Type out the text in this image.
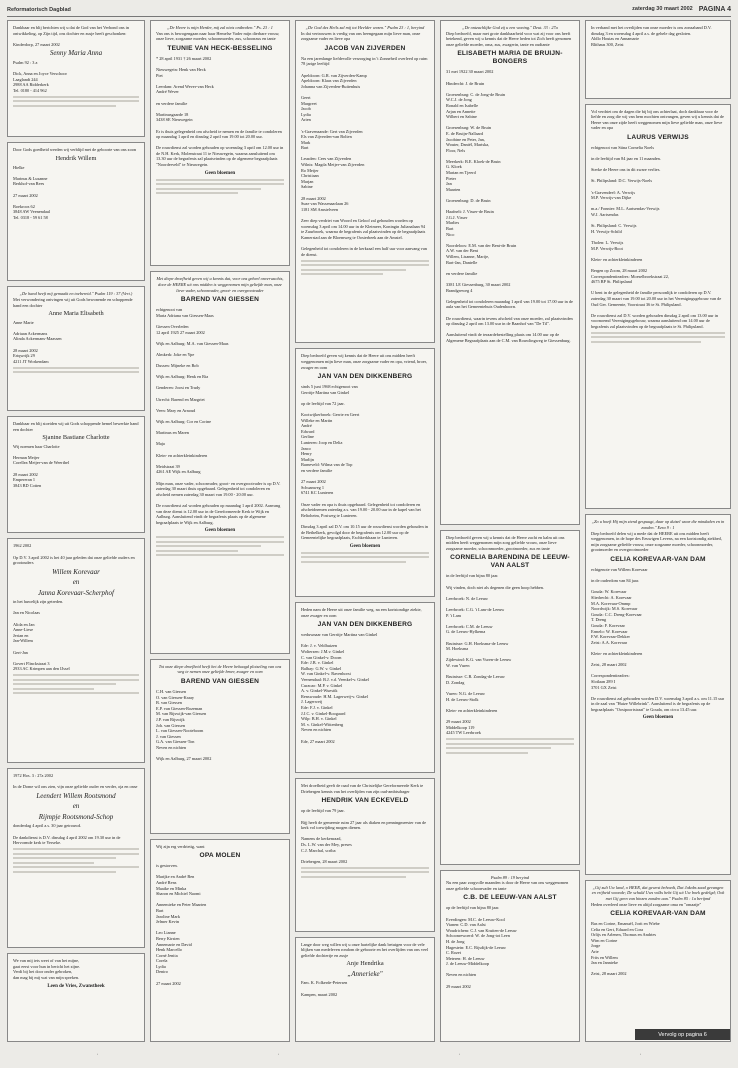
Reformatorisch Dagblad	zaterdag 30 maart 2002 PAGINA 4
Dankbaar en blij berichten wij u dat de God van het Verbond ons in ontwikkeling, op Zijn tijd, ons dochter en zusje heeft geschonken:

Kinderdorp, 27 maart 2002
Senny Maria Anna
Psalm 92 : 3 a

Dick, Anna en Joyce Verschoor
Laaglandt 244
2988 AA Ridderkerk
Tel. 0180 - 414 962
Door Gods goedheid werden wij verblijd met de geboorte van ons zoon
Hendrik Willem
Hielke

Marinus & Lusanne
Berkhof-van Rees

27 maart 2002

Boekroos 62
3848 AW Veenendaal
Tel. 0318 - 59 61 58
„De hand heeft mij gemaakt en toebereid." Psalm 119 : 37 (Vert.)
Met verwondering ontvingen wij uit Gods bewonende en schoppende hand een dochter
Anne Maria Elisabeth
Anne Marie

Adriaan Ackermans
Alinda Ackermans-Maassen

28 maart 2002
Ertqwrijk 29
4211 JT Workendam
Dankbaar en blij stoeiden wij uit Gods schoppende hemel bewerkte hand een dochter
Sjanine Bastiane Charlotte
Wij noemen haar Charlotte

Herman Meijer
Corellea Meijer-van de Weerthel

28 maart 2002
Empereran 1
3843 BD Cotten
1962 2002

Op D.V. 3 april 2002 is het 40 jaar geleden dat onze geliefde ouders en grootouders
Willem Korevaar
en
Janna Korevaar-Scherphof
in het huwelijk zijn getreden.

Jan en Nicolaas

Alida en Jan
Anne-Liese
Jerian en
Jan-Willem

Gert-Jan

Govert Flinckstraat 3
2933 AC Krimpen aan den IJssel
1972 Hos. 3 : 27a 2002

In de Dome wil ons zien, vijn onze geliefde ouder en verder, oja en onse
Leendert Willem Rootsmond
en
Rijmpje Rootsmond-Schop
donderdag 4 april a.s. 30 jaar getrouwd.

De dankdienst is D.V. dinsdag 4 april 2002 om 19.30 uur in de Hervormde kerk te Yerseke.
We van mij iets weet of van het mijne,
gaat eerst voor hun in bericht het zijne.
Verdi bij het door onder gebroken,
dan mag bij mij wat van mijn spreken.
Leen de Vries, Zwanstheek
„De Heere is mijn Herder, mij zal niets ontbreken." Ps. 23 : 1
Van ons is bewogengaan naar haar Hemelse Vader mijn dierbare vrouw, onze lieve, zorgzame moeder, schoonmoeder, zus, schoonzus en tante
TEUNIE VAN HECK-BESSELING
* 28 april 1931 † 26 maart 2002

Nieuwegein: Henk van Heck
Piet

Leerdam: Arend Wever-van Heck
André Wever

en verdere familie

Martinusgaarde 18
3438 SE Nieuwegein

Er is thuis gelegenheid om afscheid te nemen en de familie te condoleren op maandag 1 april en dinsdag 2 april van 19.00 tot 20.00 uur.

De rouwdienst zal worden gehouden op woensdag 3 april om 12.00 uur in de N.H. Kerk, Molenstraat 11 te Nieuwegein, waarna aansluitend om 13.30 uur de begrafenis zal plaatsvinden op de algemene begraafplaats "Noorderveld" te Nieuwegein.
Geen bloemen
Met diepe droefheid geven wij u kennis dat, voor ons geheel onverwachts, door de HEERE uit ons midden is weggenomen mijn geliefde man, onze lieve vader, schoonvader, groot- en overgrootvader
BAREND VAN GIESSEN
echtgenoot van
Maria Adriana van Giessen-Maas

Giessen Overleden
12 april 1925 27 maart 2002

Wijk en Aalburg: M.A. van Giessen-Maas

Almkerk: Joke en Ype

Dussen: Mijneke en Bob

Wijk en Aalburg: Henk en Ria

Genderen: Joost en Trudy

Utrecht: Barend en Margriet

Veen: Mary en Arnoud

Wijk en Aalburg: Cor en Corine

Martinus en Maren

Maja

Klein- en achterkleinkinderen

Meidstraat 39
4261 AE Wijk en Aalburg

Mijn man, onze vader, schoonvader, groot- en overgrootvader is op D.V. zaterdag 30 maart thuis opgebaard. Gelegenheid tot condoleren en afscheid nemen zaterdag 30 maart van 19.00 - 20.00 uur.

De rouwdienst zal worden gehouden op maandag 1 april 2002. Aanvang van deze dienst is 12.00 uur in de Gereformeerde Kerk te Wijk en Aalburg. Aansluitend vindt de begrafenis plaats op de algemene begraafplaats te Wijk en Aalburg.
Geen bloemen
Tot onze diepe droefheid heeft het de Heere behaagd plotseling van ons weg te nemen onze geliefde broer, zwager en oom
BAREND VAN GIESSEN
C.H. van Giessen
O. van Giessen-Kraay
B. van Giessen
E.P. van Giessen-Rozeman
M. van Rijswijk-van Giessen
J.P. van Rijswijk
Joh. van Giessen
L. van Giessen-Nooteboom
J. van Giessen
G.A. van Giessen-Ton
Neven en nichten

Wijk en Aalburg, 27 maart 2002
Wij zijn erg verdrietig, want
OPA MOLEN
is gestorven.

Marijke en André Ben
André Rens
Maaike en Minka
Sharon en Michiel Naomi

Annemieke en Peter Maarten
Bart
Jaroline Mark
Jelmer Kevin

Leo Lianne
Berry Kirsten
Annemarie en David
Henk Marcello
Corné Jenita
Corela
Lydia
Deniro

27 maart 2002
„De God des Heils zal mij tot Heelder wezen." Psalm 23 : 1, beryind
In dat vertrouwen is vredig van ons heengegaan mijn lieve man, onze zorgzame vader en lieve opa
JACOB VAN ZIJVERDEN
Na een jarenlange liefdevolle verzorging in 't Zonneheil overleed op ruim 78 jarige leeftijd

Apeldoorn: G.R. van Zijverden-Kamp
Apeldoorn: Klaas van Zijverden
Johanna van Zijverden-Buitenhuis

Geert
Margreet
Jacob
Lydia
Arien

's-Gravenzande: Gert van Zijverden
Els van Zijverden-van Bolten
Mark
Bart

Leusden: Cees van Zijverden
Wilnis: Magda Meijer-van Zijverden
Ro Meijer
Christiaan
Marjan
Sabine

28 maart 2002
Suze van Wassenaarlaan 26
1181 SM Amstelveen

Zeer diep verdriet van Woord en Geloof zal gehouden worden op woensdag 3 april om 14.00 uur in de Kleimeer, Koningin Julianalaan 94 te Zuurbroek, waarna de begrafenis zal plaatsvinden op de begraafplaats Kamerstad aan de Bloemweg te Oosterbeek aan de Amstel.

Gelegenheid tot condoleren in de kerkzaal een half uur voor aanvang van de dienst.
Diep bedroefd geven wij kennis dat de Heere uit ons midden heeft weggenomen mijn lieve man, onze zorgzame vader en opa, vriend, broer, zwager en oom
JAN VAN DEN DIKKENBERG
sinds 5 juni 1968 echtgenoot van
Gerritje Martina van Ginkel

op de leeftijd van 72 jaar.

Kootwijkerbroek: Gerrie en Geert
Willeke en Martin
André
Edward
Gerline
Lunteren: Joop en Delia
Janco
Henry
Marlijn
Barneveld: Wilma van de Top
en verdere familie

27 maart 2002
Schuanweg 1
6741 KC Lunteren

Onze vader en opa is thuis opgebaard. Gelegenheid tot condoleren en afscheidnemen zaterdag a.s. van 19.00 - 20.00 uur in de kapel van het Beltoheim, Postweg te Lunteren.

Dinsdag 3 april zal D.V. om 10.15 uur de rouwdienst worden gehouden in de Bethelkerk, gevolgd door de begrafenis om 12.00 uur op de Gemeentelijke begraafplaats, Eschkerkhaan te Lunteren.
Geen bloemen
Heden nam de Heere uit onze familie weg, na een kortstondige ziekte, onze zwager en oom
JAN VAN DEN DIKKENBERG
weduwnaar van Gerritje Martina van Ginkel

Ede: J. v. Veldhuizen
Wolterzen: J.M.v. Ginkel
C. van Ginkel-v. Doorn
Ede: J.B. v. Ginkel
Balbay: G.W. v. Ginkel
W. van Ginkel-v. Ravenhorst
Veenendaal: B.J. v.d. Veenkel-v. Ginkel
Curacao: M.P. v. Ginkel
A. v. Ginkel-Wuestik
Renswoude: H.M. Lagerweij-v. Ginkel
J. Lagerweij
Ede: F.J. v. Ginkel
J.J.C. v. Ginkel-Boogaard
Wilp: B.H. v. Ginkel
M. v. Ginkel-Wittenberg
Neven en nichten

Ede, 27 maart 2002
Met droefheid geeft de raad van de Christelijke Gereformeerde Kerk te Driebergen kennis van het overlijden van zijn oud-ambtsdrager
HENDRIK VAN ECKEVELD
op de leeftijd van 79 jaar.

Bijj heeft de gemeente ruim 27 jaar als diaken en penningmeester van de kerk vol toewijding mogen dienen.

Namens de kerkenraad,
Ds. L.W. van der Mey, preses
C.J. Marchal, scriba

Driebergen, 28 maart 2002
Lange door weg willen wij u onze hartelijke dank betuigen voor de vele blijken van medeleven rondom de geboorte en het overlijden van ons veel geliefde dochtertje en zusje
Anje Hendrika
„Annerieke"
Fam. K. Folkerde-Petersen

Kampen, maart 2002
„De ontzachlijke God zij u een woning." Deut. 33 : 27a
Diep bedroefd, maar met grote dankbaarheid voor wat zij voor ons heeft betekend, geven wij u kennis dat de Heere heden tot Zich heeft genomen onze geliefde moeder, oma, zus, zwagerin, tante en oudtante
ELISABETH MARIA DE BRUIJN-BONGERS
31 mei 1922 30 maart 2002

Hindercht: J. de Bruin

Groesenburg: C. de Jong-de Bruin
W.C.J. de Jong
Ronald en Isabelle
Arjan en Annette
Wilbert en Sabine

Groesenburg: W. de Bruin
E. de Bruijn-Nallaard
Jacobine en Peter, Jan,
Wouter, Daniël, Mariska,
Floor, Nels

Meerkerk: B.E. Kloek-de Bruin
G. Kloek
Marian en Tjeerd
Pieter
Jan
Maarten

Groesenburg: D. de Bruin

Haafnelt: J. Visser-de Bruin
J.G.J. Visser
Marlies
Bart
Nico

Noordeloos: E.M. van der Bent-de Bruin
A.W. van der Bent
Willem, Lisanne, Marije,
Bart-Jan, Danielle

en verdere familie

3381 LE Giessenburg, 30 maart 2002
Brandgreweg 4

Gelegenheid tot condoleren maandag 1 april van 19.00 tot 17.00 uur in de aula van het Gemeentehuis Oudenhoorn.

De rouwdienst, waarin tevens afscheid van onze moeder, zal plaatsvinden op dinsdag 2 april om 13.00 uur in de Baanhof van "De Til".

Aansluitend vindt de teraardebestelling plaats om 14.00 uur op de Algemene Begraafplaats aan de C.M. van Rouwlingweg te Giessenburg.
Diep bedroefd geven wij u kennis dat de Heere zacht en kalm uit ons midden heeft weggenomen mijn zorg geliefde vrouw, onze lieve zorgzame moeder, schoonmoeder, grootmoeder, zus en tante
CORNELIA BARENDINA DE LEEUW-VAN AALST
in de leeftijd van bijna 80 jaar.

Wij vinden, doch niet als degenen die geen hoop hebben.

Leerbroek: N. de Leeuw

Leerbroek: C.G. 't Lam-de Leeuw
P. 't Lam

Leerbroek: C.M. de Leeuw
G. de Leeuw-Hylkema

Bruinisse: G.H. Hoeksma-de Leeuw
M. Hoeksma

Zijdewind: K.G. van Vuren-de Leeuw
W. van Vuren

Bruinisse: C.B. Zondag-de Leeuw
D. Zondag

Vuren: N.G. de Leeuw
H. de Leeuw-Stolk

Klein- en achterkleinkinderen

29 maart 2002
Middelkoop 119
4245 TW Leerbroek
Psalm 89 : 19 beryind
Nu een paar zorgvolle maanden is door de Heere van ons weggenomen onze geliefde schoonvader en tante
C.B. DE LEEUW-VAN AALST
op de leeftijd van bijna 80 jaar.

Everdingen: M.C. de Leeuw-Kool
Vianen: C.D. van Aalst
Woudrichem: C.J. van Kruiten-de Leeuw
Schoonrewoerd: W. de Jong-tot Leen
H. de Jong
Hagestein: E.C. Rijsdijk-de Leeuw
C. Rozet
Meteren: H. de Leeuw
J. de Leeuw-Middelkoop

Neven en nichten

29 maart 2002
In verband met het overlijden van onze moeder is ons zonzaband D.V. dinsdag 3 en woensdag 4 april a.s. de gehele dag gesloten.
Aldlo Houtas en Annamarie
Blithaus 300, Zeist
Vol verdriet om de dagen die bij bij ons achterlaat, doch dankbaar voor de liefde en zorg die wij van hem mochten ontvangen, geven wij u kennis dat de Heere van onze zijde heeft weggenomen mijn lieve geliefde man, onze lieve vader en opa
LAURUS VERWIJS
echtgenoot van Stina Cornelia Noels

in de leeftijd van 84 jaar en 11 maanden.

Sterke de Heere ons in dit zware verlies.

St. Philipsland: D.C. Verwijs-Noels

's-Gravendeel: A. Verwijs
M.P. Verwijs-van Dijke

m.a./ Fonnier: M.L. Aartsendas-Verwijs
W.J. Aartsendas

St. Philipsland: C. Verwijs
H. Verwijs-Schild

Tholen: L. Verwijs
M.P. Verwijs-Boot

Klein- en achterkleinkinderen

Bergen op Zoom, 28 maart 2002
Correspondentieadres: Moeselbroekstraat 22,
4675 BP St. Philipsland

U bent in de gelegenheid de familie persoonlijk te condoleren op D.V. zaterdag 30 maart van 19.00 tot 20.00 uur in het Verenigingsgebouw van de Oud Ger. Gemeente, Voorstraat 36 te St. Philipsland.

De rouwdienst zal D.V. worden gehouden dinsdag 2 april om 13.00 uur in voornoemd Verenigingsgebouw, waarna aansluitend om 14.00 uur de begrafenis zal plaatsvinden op de begraafplaats te St. Philipsland.
„Zo u hoeft Hij mijn ziend gespuugt, daar op duizel waar die mindaden en in zonden." Ezra 9 : 1
Diep bedroefd delen wij u mede dat de HEERE uit ons midden heeft weggenomen, in de hope des Eeuwigen Levens, na een kortstondig ziekbed, mijn zorgzame geliefde vrouw, onze zorgzame moeder, schoonmoeder, grootmoeder en overgrootmoeder
CELIA KOREVAAR-VAN DAM
echtgenote van Willem Korevaar

in de ouderdom van 84 jaar.

Gouda: W. Korevaar
Sliedrecht: A. Korevaar
M.A. Korevaar-Ommp
Noordwijk: M.S. Korevaar
Gouda: C.C. Dreng-Korevaar
T. Dreng
Gouda: F. Korevaar
Ermelo: W. Korevaar
F.W. Korevaar-Dekker
Zeist: A.A. Korevaar

Klein- en achterkleinkinderen

Zeist, 28 maart 2002

Correspondentieadres:
Slotlaan 289 I
3701 GX Zeist

De rouwdienst zal gehouden worden D.V. woensdag 3 april a.s. om 11.15 uur in de zaal van "Huize Willebrink". Aansluitend is de begrafenis op de begraafplaats "Oostpoortstraat" te Gouda, om circa 13.45 uur.
Geen bloemen
„Gij zult Uw land, o HEER, dat gewest behoedt, Dat Jakobs zaad gevangen en vrijheid woonde; De schuld Uws volks hebt Gij uit Uw boek gedelgd; Ook met Gij geen van hinzen zonden aan." Psalm 85 : 1a berijmd
Heden overleed onze lieve en altijd zorgzame oma en "omaatje"
CELIA KOREVAAR-VAN DAM
Bas en Corine, Emanuël, Jorit en Wiebe
Celia en Gert, Eduard en Cora
Orlijs en Arlenen, Thomas en Andries
Wim en Corine
Jorge
Arie
Frits en Willem
Jan en Jannieke

Zeist, 28 maart 2002
Vervolg op pagina 6
·	·	·	·
